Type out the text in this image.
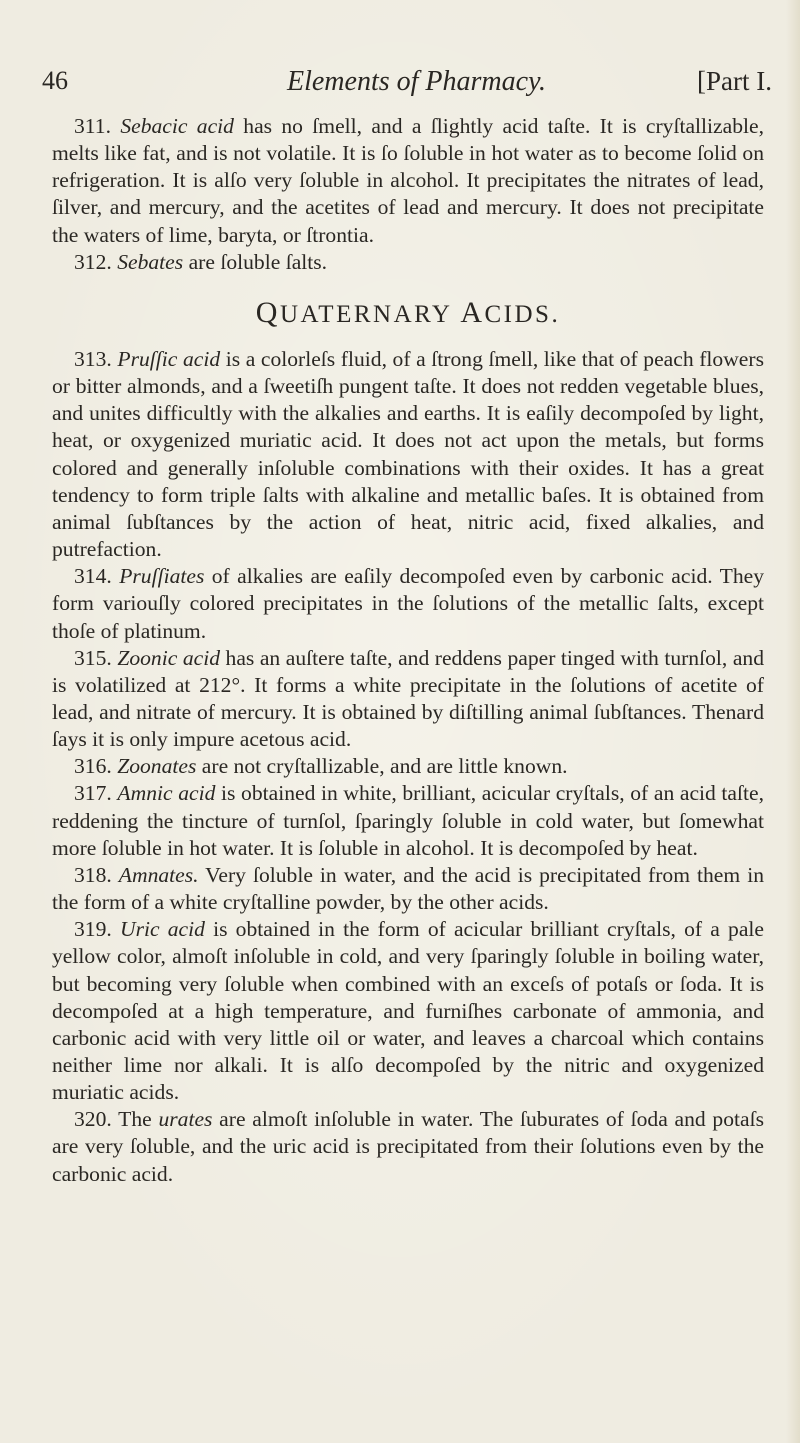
46	Elements of Pharmacy.	[Part I.

311. Sebacic acid has no ſmell, and a ſlightly acid taſte. It is cryſtallizable, melts like fat, and is not volatile. It is ſo ſoluble in hot water as to become ſolid on refrigeration. It is alſo very ſoluble in alcohol. It precipitates the nitrates of lead, ſilver, and mercury, and the acetites of lead and mercury. It does not precipitate the waters of lime, baryta, or ſtrontia.

312. Sebates are ſoluble ſalts.

QUATERNARY ACIDS.

313. Pruſſic acid is a colorleſs fluid, of a ſtrong ſmell, like that of peach flowers or bitter almonds, and a ſweetiſh pungent taſte. It does not redden vegetable blues, and unites difficultly with the alkalies and earths. It is eaſily decompoſed by light, heat, or oxygenized muriatic acid. It does not act upon the metals, but forms colored and generally inſoluble combinations with their oxides. It has a great tendency to form triple ſalts with alkaline and metallic baſes. It is obtained from animal ſubſtances by the action of heat, nitric acid, fixed alkalies, and putrefaction.

314. Pruſſiates of alkalies are eaſily decompoſed even by carbonic acid. They form variouſly colored precipitates in the ſolutions of the metallic ſalts, except thoſe of platinum.

315. Zoonic acid has an auſtere taſte, and reddens paper tinged with turnſol, and is volatilized at 212°. It forms a white precipitate in the ſolutions of acetite of lead, and nitrate of mercury. It is obtained by diſtilling animal ſubſtances. Thenard ſays it is only impure acetous acid.

316. Zoonates are not cryſtallizable, and are little known.

317. Amnic acid is obtained in white, brilliant, acicular cryſtals, of an acid taſte, reddening the tincture of turnſol, ſparingly ſoluble in cold water, but ſomewhat more ſoluble in hot water. It is ſoluble in alcohol. It is decompoſed by heat.

318. Amnates. Very ſoluble in water, and the acid is precipitated from them in the form of a white cryſtalline powder, by the other acids.

319. Uric acid is obtained in the form of acicular brilliant cryſtals, of a pale yellow color, almoſt inſoluble in cold, and very ſparingly ſoluble in boiling water, but becoming very ſoluble when combined with an exceſs of potaſs or ſoda. It is decompoſed at a high temperature, and furniſhes carbonate of ammonia, and carbonic acid with very little oil or water, and leaves a charcoal which contains neither lime nor alkali. It is alſo decompoſed by the nitric and oxygenized muriatic acids.

320. The urates are almoſt inſoluble in water. The ſuburates of ſoda and potaſs are very ſoluble, and the uric acid is precipitated from their ſolutions even by the carbonic acid.
